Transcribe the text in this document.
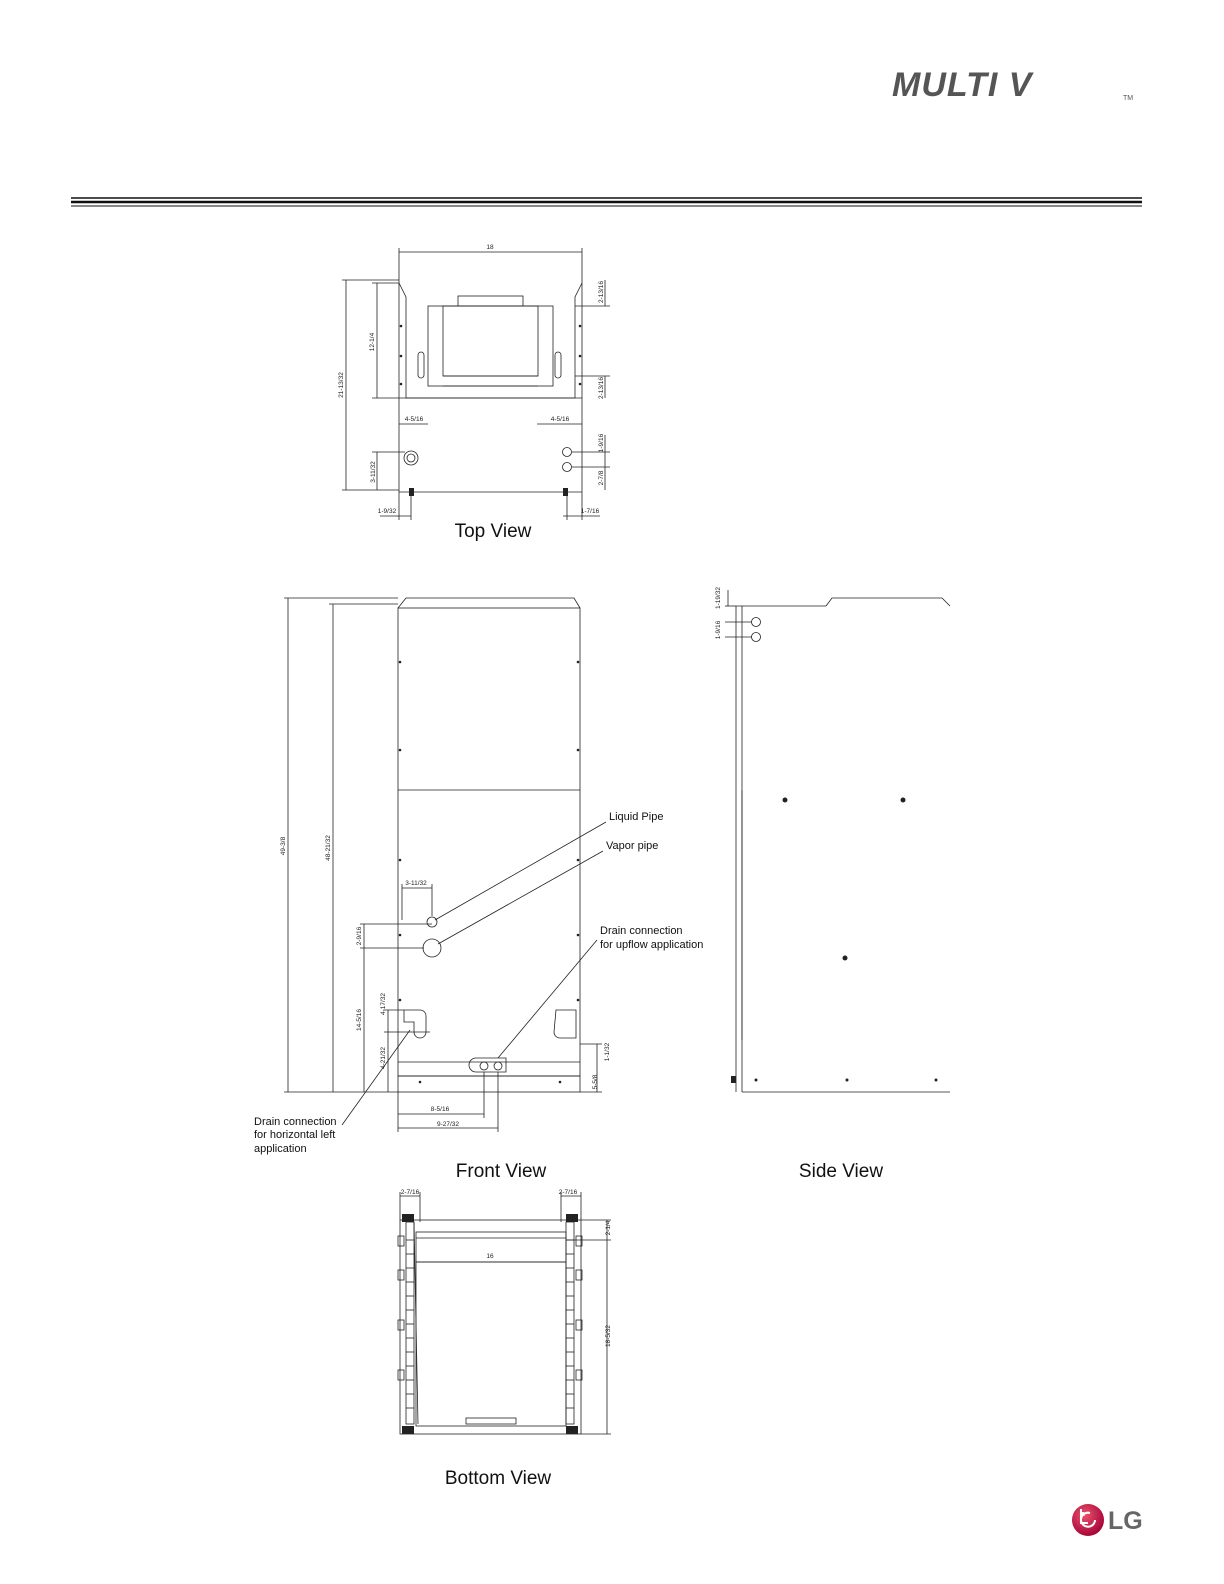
MULTI V	TM
18
12-1/4
21-13/32
2-13/16
2-13/16
4-5/16	4-5/16
1-9/16
2-7/8
3-11/32
1-9/32	1-7/16
Top View
49-3/8	48-21/32
3-11/32
2-9/16
14-5/16
4-17/32
4-21/32	1-1/32
5-5/8
8-5/16
9-27/32
Liquid Pipe
Vapor pipe
Drain connection
for upflow application
Drain connection
for horizontal left
application
Front View
1-19/32
1-9/16
Side View
2-7/16	2-7/16
16
2-1/4
18-5/32
Bottom View
LG
